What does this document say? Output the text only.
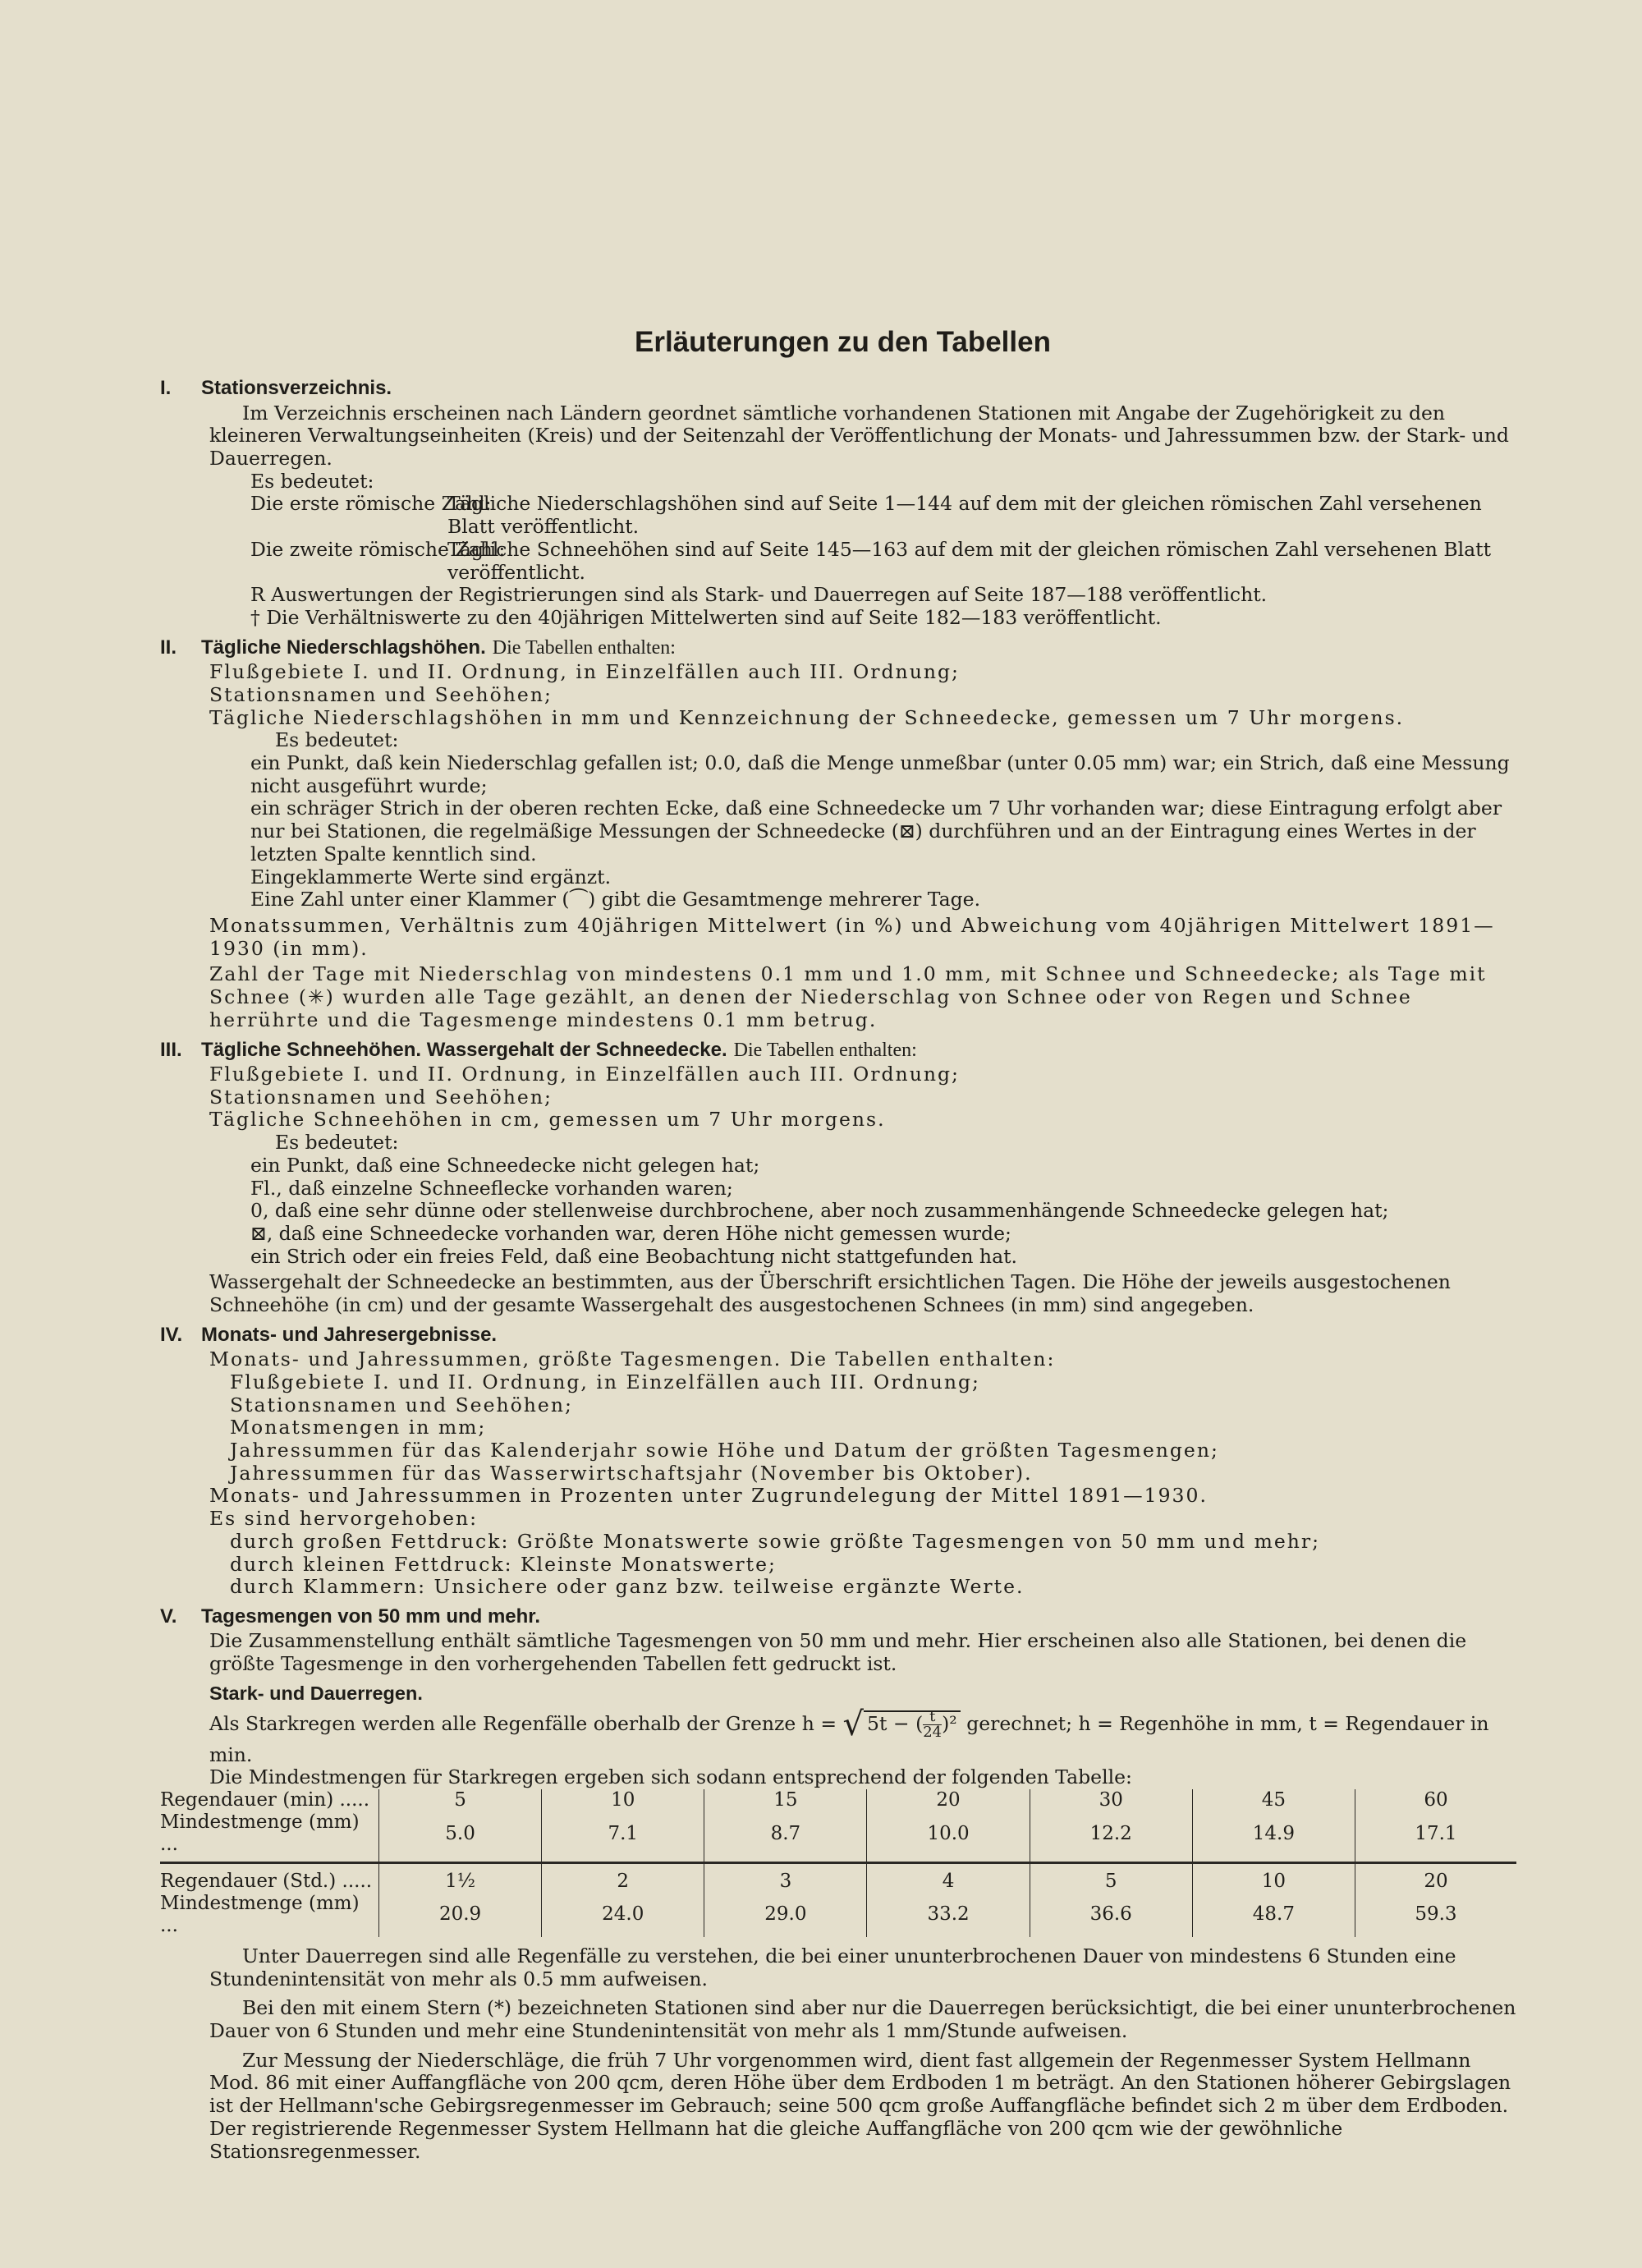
Erläuterungen zu den Tabellen
I.	Stationsverzeichnis.

Im Verzeichnis erscheinen nach Ländern geordnet sämtliche vorhandenen Stationen mit Angabe der Zugehörigkeit zu den kleineren Verwaltungseinheiten (Kreis) und der Seitenzahl der Veröffentlichung der Monats- und Jahressummen bzw. der Stark- und Dauerregen.

Es bedeutet:

Die erste römische Zahl:
Tägliche Niederschlagshöhen sind auf Seite 1—144 auf dem mit der gleichen römischen Zahl versehenen Blatt veröffentlicht.
Die zweite römische Zahl:
Tägliche Schneehöhen sind auf Seite 145—163 auf dem mit der gleichen römischen Zahl versehenen Blatt veröffentlicht.

R Auswertungen der Registrierungen sind als Stark- und Dauerregen auf Seite 187—188 veröffentlicht.

† Die Verhältniswerte zu den 40jährigen Mittelwerten sind auf Seite 182—183 veröffentlicht.

II.	Tägliche Niederschlagshöhen. Die Tabellen enthalten:

Flußgebiete I. und II. Ordnung, in Einzelfällen auch III. Ordnung;

Stationsnamen und Seehöhen;

Tägliche Niederschlagshöhen in mm und Kennzeichnung der Schneedecke, gemessen um 7 Uhr morgens.

Es bedeutet:

ein Punkt, daß kein Niederschlag gefallen ist; 0.0, daß die Menge unmeßbar (unter 0.05 mm) war; ein Strich, daß eine Messung nicht ausgeführt wurde;

ein schräger Strich in der oberen rechten Ecke, daß eine Schneedecke um 7 Uhr vorhanden war; diese Eintragung erfolgt aber nur bei Stationen, die regelmäßige Messungen der Schneedecke (⊠) durchführen und an der Eintragung eines Wertes in der letzten Spalte kenntlich sind.

Eingeklammerte Werte sind ergänzt.

Eine Zahl unter einer Klammer (⏜) gibt die Gesamtmenge mehrerer Tage.

Monatssummen, Verhältnis zum 40jährigen Mittelwert (in %) und Abweichung vom 40jährigen Mittelwert 1891—1930 (in mm).

Zahl der Tage mit Niederschlag von mindestens 0.1 mm und 1.0 mm, mit Schnee und Schneedecke; als Tage mit Schnee (✳) wurden alle Tage gezählt, an denen der Niederschlag von Schnee oder von Regen und Schnee herrührte und die Tagesmenge mindestens 0.1 mm betrug.

III. Tägliche Schneehöhen. Wassergehalt der Schneedecke. Die Tabellen enthalten:

Flußgebiete I. und II. Ordnung, in Einzelfällen auch III. Ordnung;

Stationsnamen und Seehöhen;

Tägliche Schneehöhen in cm, gemessen um 7 Uhr morgens.

Es bedeutet:

ein Punkt, daß eine Schneedecke nicht gelegen hat;

Fl., daß einzelne Schneeflecke vorhanden waren;

0, daß eine sehr dünne oder stellenweise durchbrochene, aber noch zusammenhängende Schneedecke gelegen hat;

⊠, daß eine Schneedecke vorhanden war, deren Höhe nicht gemessen wurde;

ein Strich oder ein freies Feld, daß eine Beobachtung nicht stattgefunden hat.

Wassergehalt der Schneedecke an bestimmten, aus der Überschrift ersichtlichen Tagen. Die Höhe der jeweils ausgestochenen Schneehöhe (in cm) und der gesamte Wassergehalt des ausgestochenen Schnees (in mm) sind angegeben.

IV. Monats- und Jahresergebnisse.

Monats- und Jahressummen, größte Tagesmengen. Die Tabellen enthalten:

Flußgebiete I. und II. Ordnung, in Einzelfällen auch III. Ordnung;

Stationsnamen und Seehöhen;

Monatsmengen in mm;

Jahressummen für das Kalenderjahr sowie Höhe und Datum der größten Tagesmengen;

Jahressummen für das Wasserwirtschaftsjahr (November bis Oktober).

Monats- und Jahressummen in Prozenten unter Zugrundelegung der Mittel 1891—1930.

Es sind hervorgehoben:

durch großen Fettdruck: Größte Monatswerte sowie größte Tagesmengen von 50 mm und mehr;

durch kleinen Fettdruck: Kleinste Monatswerte;

durch Klammern: Unsichere oder ganz bzw. teilweise ergänzte Werte.

V.	Tagesmengen von 50 mm und mehr.

Die Zusammenstellung enthält sämtliche Tagesmengen von 50 mm und mehr. Hier erscheinen also alle Stationen, bei denen die größte Tagesmenge in den vorhergehenden Tabellen fett gedruckt ist.

Stark- und Dauerregen.

Als Starkregen werden alle Regenfälle oberhalb der Grenze h = √ 5t − ( $\frac{t}{24} )^2$ gerechnet; h = Regenhöhe in mm, t = Regendauer in min.

Die Mindestmengen für Starkregen ergeben sich sodann entsprechend der folgenden Tabelle:

Regendauer (min) .....	5	10	15	20	30	45	60
Mindestmenge (mm) ...	5.0	7.1	8.7	10.0	12.2	14.9	17.1
Regendauer (Std.) .....	1½	2	3	4	5	10	20
Mindestmenge (mm) ...	20.9	24.0	29.0	33.2	36.6	48.7	59.3

Unter Dauerregen sind alle Regenfälle zu verstehen, die bei einer ununterbrochenen Dauer von mindestens 6 Stunden eine Stundenintensität von mehr als 0.5 mm aufweisen.

Bei den mit einem Stern (*) bezeichneten Stationen sind aber nur die Dauerregen berücksichtigt, die bei einer ununterbrochenen Dauer von 6 Stunden und mehr eine Stundenintensität von mehr als 1 mm/Stunde aufweisen.

Zur Messung der Niederschläge, die früh 7 Uhr vorgenommen wird, dient fast allgemein der Regenmesser System Hellmann Mod. 86 mit einer Auffangfläche von 200 qcm, deren Höhe über dem Erdboden 1 m beträgt. An den Stationen höherer Gebirgslagen ist der Hellmann'sche Gebirgsregenmesser im Gebrauch; seine 500 qcm große Auffangfläche befindet sich 2 m über dem Erdboden. Der registrierende Regenmesser System Hellmann hat die gleiche Auffangfläche von 200 qcm wie der gewöhnliche Stationsregenmesser.
